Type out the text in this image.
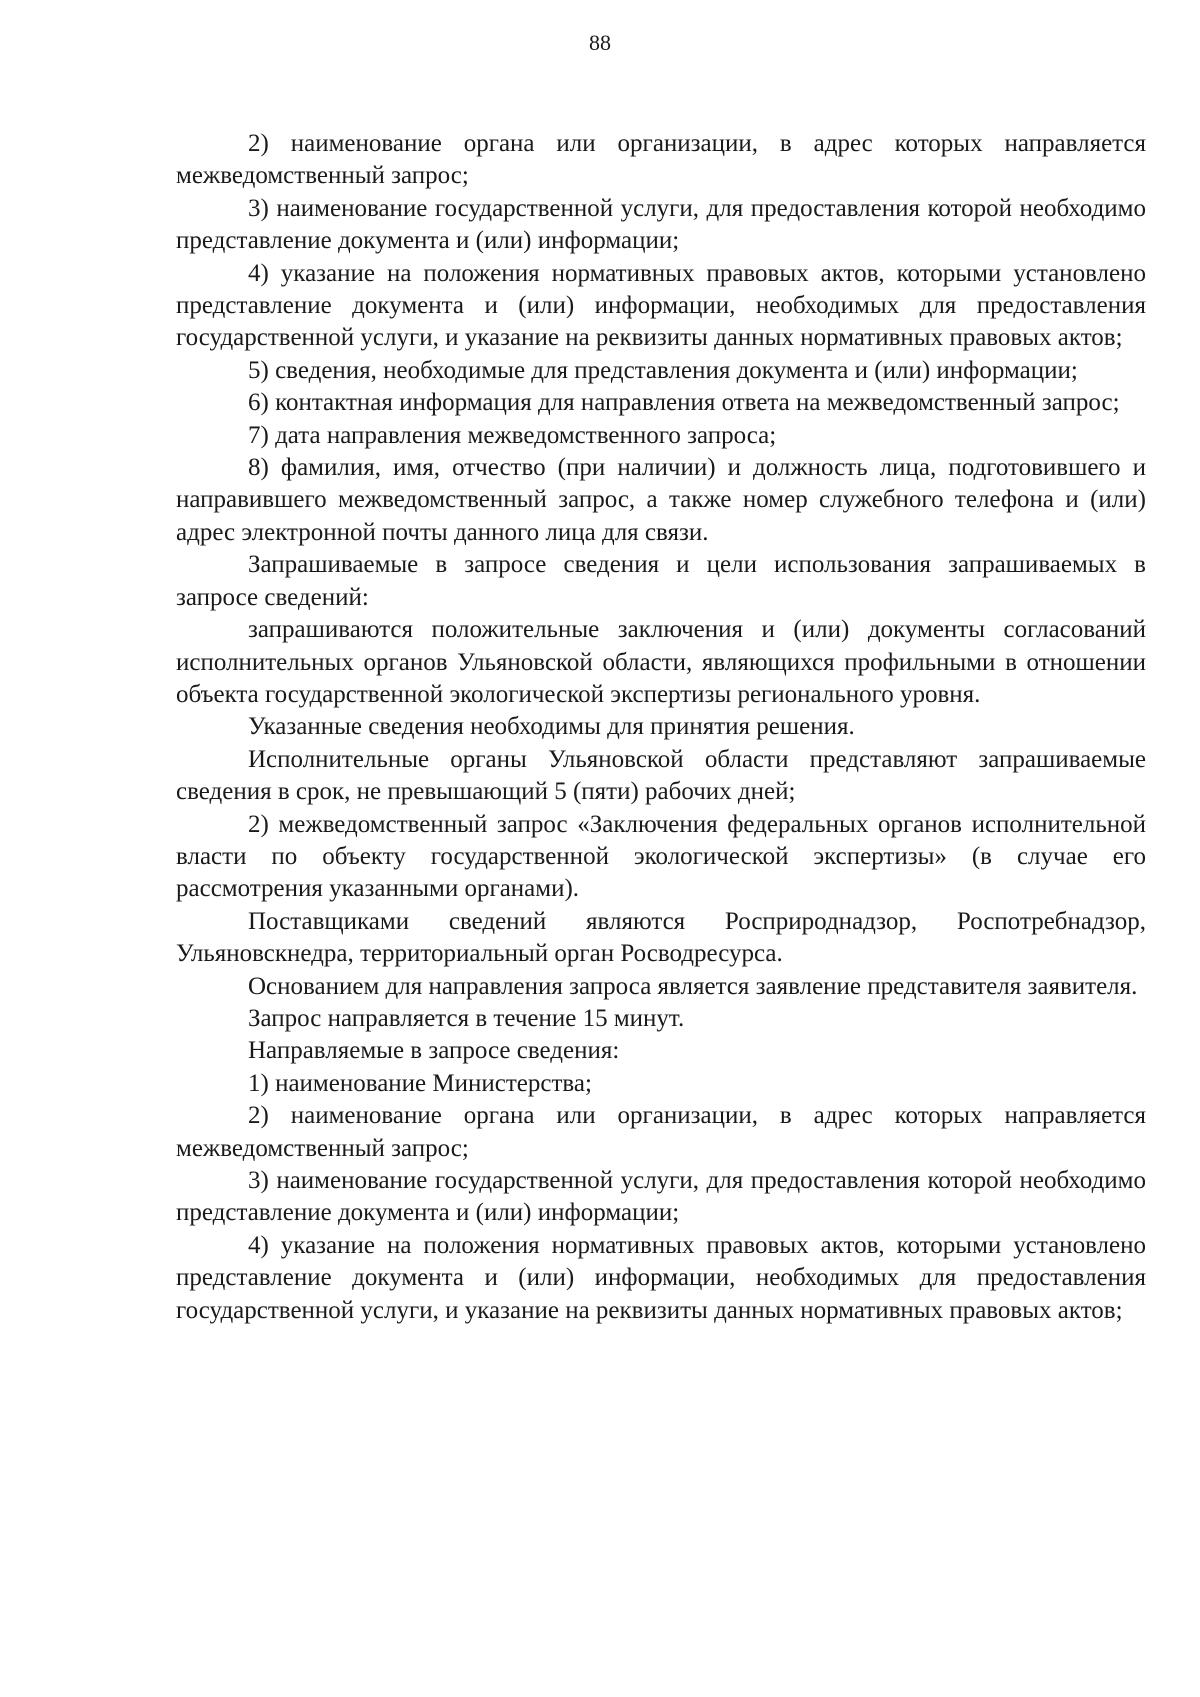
88

2) наименование органа или организации, в адрес которых направляется межведомственный запрос;

3) наименование государственной услуги, для предоставления которой необходимо представление документа и (или) информации;

4) указание на положения нормативных правовых актов, которыми установлено представление документа и (или) информации, необходимых для предоставления государственной услуги, и указание на реквизиты данных нормативных правовых актов;

5) сведения, необходимые для представления документа и (или) информации;

6) контактная информация для направления ответа на межведомственный запрос;

7) дата направления межведомственного запроса;

8) фамилия, имя, отчество (при наличии) и должность лица, подготовившего и направившего межведомственный запрос, а также номер служебного телефона и (или) адрес электронной почты данного лица для связи.

Запрашиваемые в запросе сведения и цели использования запрашиваемых в запросе сведений:

запрашиваются положительные заключения и (или) документы согласований исполнительных органов Ульяновской области, являющихся профильными в отношении объекта государственной экологической экспертизы регионального уровня.

Указанные сведения необходимы для принятия решения.

Исполнительные органы Ульяновской области представляют запрашиваемые сведения в срок, не превышающий 5 (пяти) рабочих дней;

2) межведомственный запрос «Заключения федеральных органов исполнительной власти по объекту государственной экологической экспертизы» (в случае его рассмотрения указанными органами).

Поставщиками сведений являются Росприроднадзор, Роспотребнадзор, Ульяновскнедра, территориальный орган Росводресурса.

Основанием для направления запроса является заявление представителя заявителя.

Запрос направляется в течение 15 минут.

Направляемые в запросе сведения:

1) наименование Министерства;

2) наименование органа или организации, в адрес которых направляется межведомственный запрос;

3) наименование государственной услуги, для предоставления которой необходимо представление документа и (или) информации;

4) указание на положения нормативных правовых актов, которыми установлено представление документа и (или) информации, необходимых для предоставления государственной услуги, и указание на реквизиты данных нормативных правовых актов;
